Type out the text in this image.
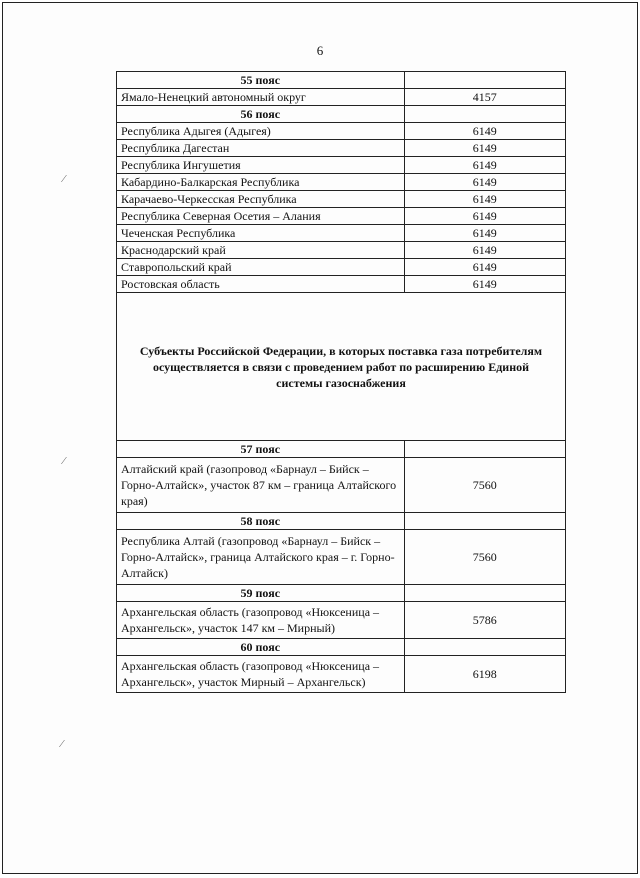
6
55 пояс	
Ямало-Ненецкий автономный округ	4157
56 пояс	
Республика Адыгея (Адыгея)	6149
Республика Дагестан	6149
Республика Ингушетия	6149
Кабардино-Балкарская Республика	6149
Карачаево-Черкесская Республика	6149
Республика Северная Осетия – Алания	6149
Чеченская Республика	6149
Краснодарский край	6149
Ставропольский край	6149
Ростовская область	6149
Субъекты Российской Федерации, в которых поставка газа потребителям осуществляется в связи с проведением работ по расширению Единой системы газоснабжения	
57 пояс	
Алтайский край (газопровод «Барнаул – Бийск – Горно-Алтайск», участок 87 км – граница Алтайского края)	7560
58 пояс	
Республика Алтай (газопровод «Барнаул – Бийск – Горно-Алтайск», граница Алтайского края – г. Горно-Алтайск)	7560
59 пояс	
Архангельская область (газопровод «Нюксеница – Архангельск», участок 147 км – Мирный)	5786
60 пояс	
Архангельская область (газопровод «Нюксеница – Архангельск», участок Мирный – Архангельск)	6198
⁄
⁄
⁄
